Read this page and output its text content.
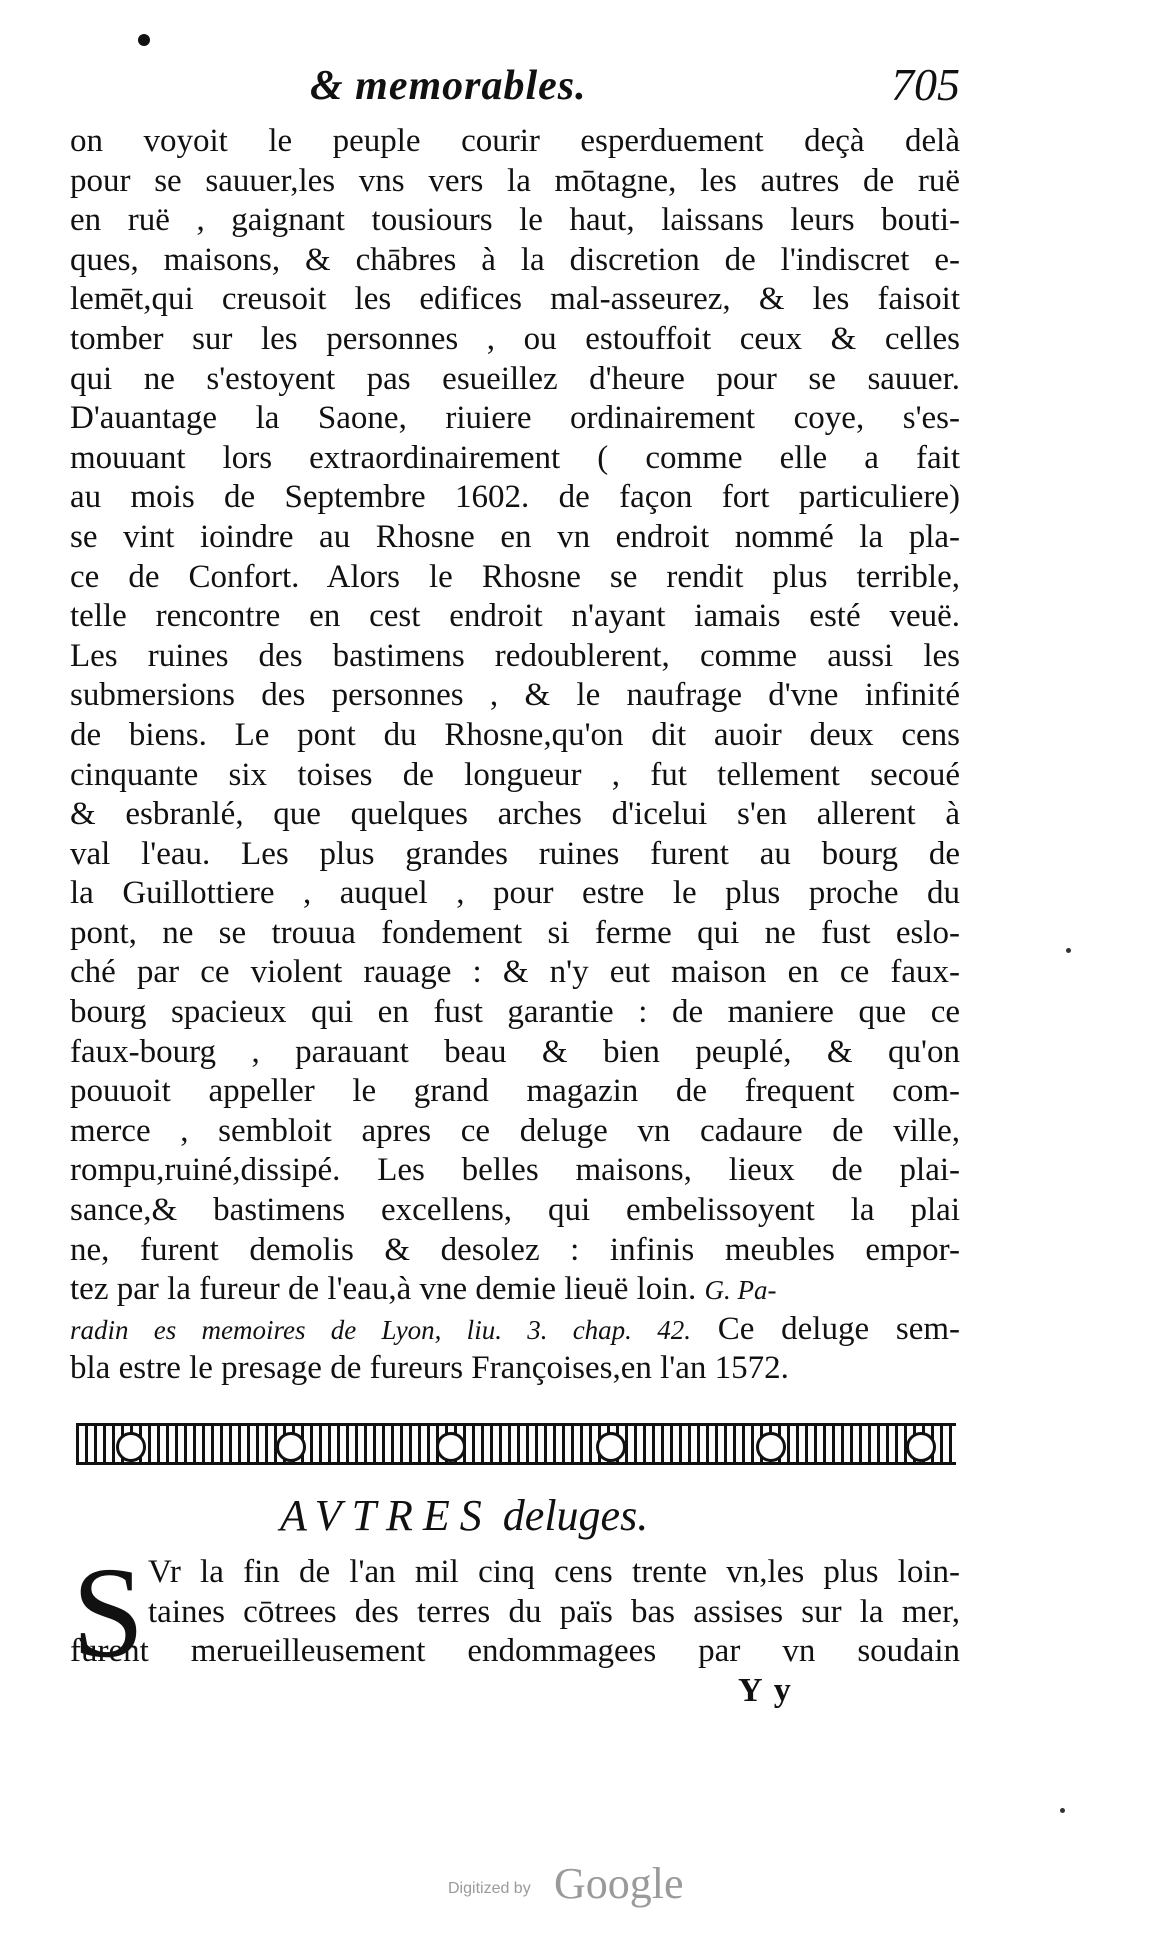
& memorables.	705
on voyoit le peuple courir esperduement deçà delà
pour se sauuer,les vns vers la mōtagne, les autres de ruë
en ruë , gaignant tousiours le haut, laissans leurs bouti-
ques, maisons, & chābres à la discretion de l'indiscret e-
lemēt,qui creusoit les edifices mal-asseurez, & les faisoit
tomber sur les personnes , ou estouffoit ceux & celles
qui ne s'estoyent pas esueillez d'heure pour se sauuer.
D'auantage la Saone, riuiere ordinairement coye, s'es-
mouuant lors extraordinairement ( comme elle a fait
au mois de Septembre 1602. de façon fort particuliere)
se vint ioindre au Rhosne en vn endroit nommé la pla-
ce de Confort. Alors le Rhosne se rendit plus terrible,
telle rencontre en cest endroit n'ayant iamais esté veuë.
Les ruines des bastimens redoublerent, comme aussi les
submersions des personnes , & le naufrage d'vne infinité
de biens. Le pont du Rhosne,qu'on dit auoir deux cens
cinquante six toises de longueur , fut tellement secoué
& esbranlé, que quelques arches d'icelui s'en allerent à
val l'eau. Les plus grandes ruines furent au bourg de
la Guillottiere , auquel , pour estre le plus proche du
pont, ne se trouua fondement si ferme qui ne fust eslo-
ché par ce violent rauage : & n'y eut maison en ce faux-
bourg spacieux qui en fust garantie : de maniere que ce
faux-bourg , parauant beau & bien peuplé, & qu'on
pouuoit appeller le grand magazin de frequent com-
merce , sembloit apres ce deluge vn cadaure de ville,
rompu,ruiné,dissipé. Les belles maisons, lieux de plai-
sance,& bastimens excellens, qui embelissoyent la plai
ne, furent demolis & desolez : infinis meubles empor-
tez par la fureur de l'eau,à vne demie lieuë loin. G. Pa-
radin es memoires de Lyon, liu. 3. chap. 42. Ce deluge sem-
bla estre le presage de fureurs Françoises,en l'an 1572.
AVTRES deluges.
S Vr la fin de l'an mil cinq cens trente vn,les plus loin-
taines cōtrees des terres du païs bas assises sur la mer,
furent merueilleusement endommagees par vn soudain
Y y
Digitized by Google
